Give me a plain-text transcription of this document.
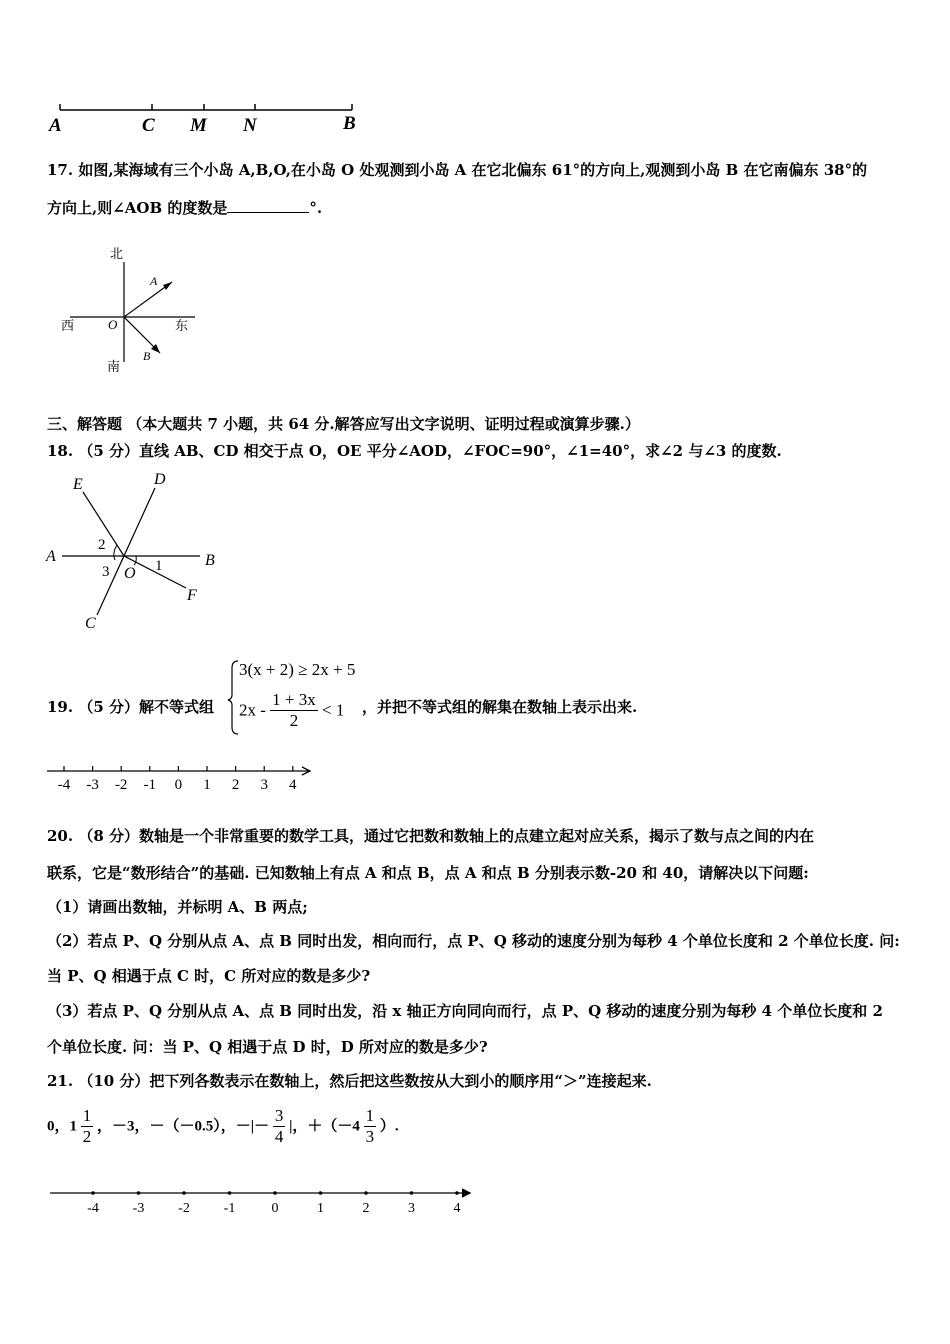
A	C M N	B
17. 如图,某海域有三个小岛 A,B,O,在小岛 O 处观测到小岛 A 在它北偏东 61°的方向上,观测到小岛 B 在它南偏东 38°的
方向上,则∠AOB 的度数是	°.
北
南
西	东
O
A
B
三、解答题 （本大题共 7 小题，共 64 分.解答应写出文字说明、证明过程或演算步骤.）
18. （5 分）直线 AB、CD 相交于点 O，OE 平分∠AOD，∠FOC=90°，∠1=40°，求∠2 与∠3 的度数.
E	D
A	B
O
F
C
2
3	1
19. （5 分）解不等式组
3(x + 2) ≥ 2x + 5
$2x - \frac{1 + 3x}{2} < 1$ ，并把不等式组的解集在数轴上表示出来.
-4 -3 -2 -1 0 1 2 3 4
20. （8 分）数轴是一个非常重要的数学工具，通过它把数和数轴上的点建立起对应关系，揭示了数与点之间的内在
联系，它是“数形结合”的基础. 已知数轴上有点 A 和点 B，点 A 和点 B 分别表示数-20 和 40，请解决以下问题:
（1）请画出数轴，并标明 A、B 两点;
（2）若点 P、Q 分别从点 A、点 B 同时出发，相向而行，点 P、Q 移动的速度分别为每秒 4 个单位长度和 2 个单位长度. 问:
当 P、Q 相遇于点 C 时，C 所对应的数是多少?
（3）若点 P、Q 分别从点 A、点 B 同时出发，沿 x 轴正方向同向而行，点 P、Q 移动的速度分别为每秒 4 个单位长度和 2
个单位长度. 问：当 P、Q 相遇于点 D 时，D 所对应的数是多少?
21. （10 分）把下列各数表示在数轴上，然后把这些数按从大到小的顺序用“＞”连接起来.
0，$1 \frac{1}{2}$ ，－3，－（－0.5），－|－ $\frac{3}{4}$ |，$+(-4 \frac{1}{3}$ ）.
-4 -3 -2 -1	0	1	2	3	4
